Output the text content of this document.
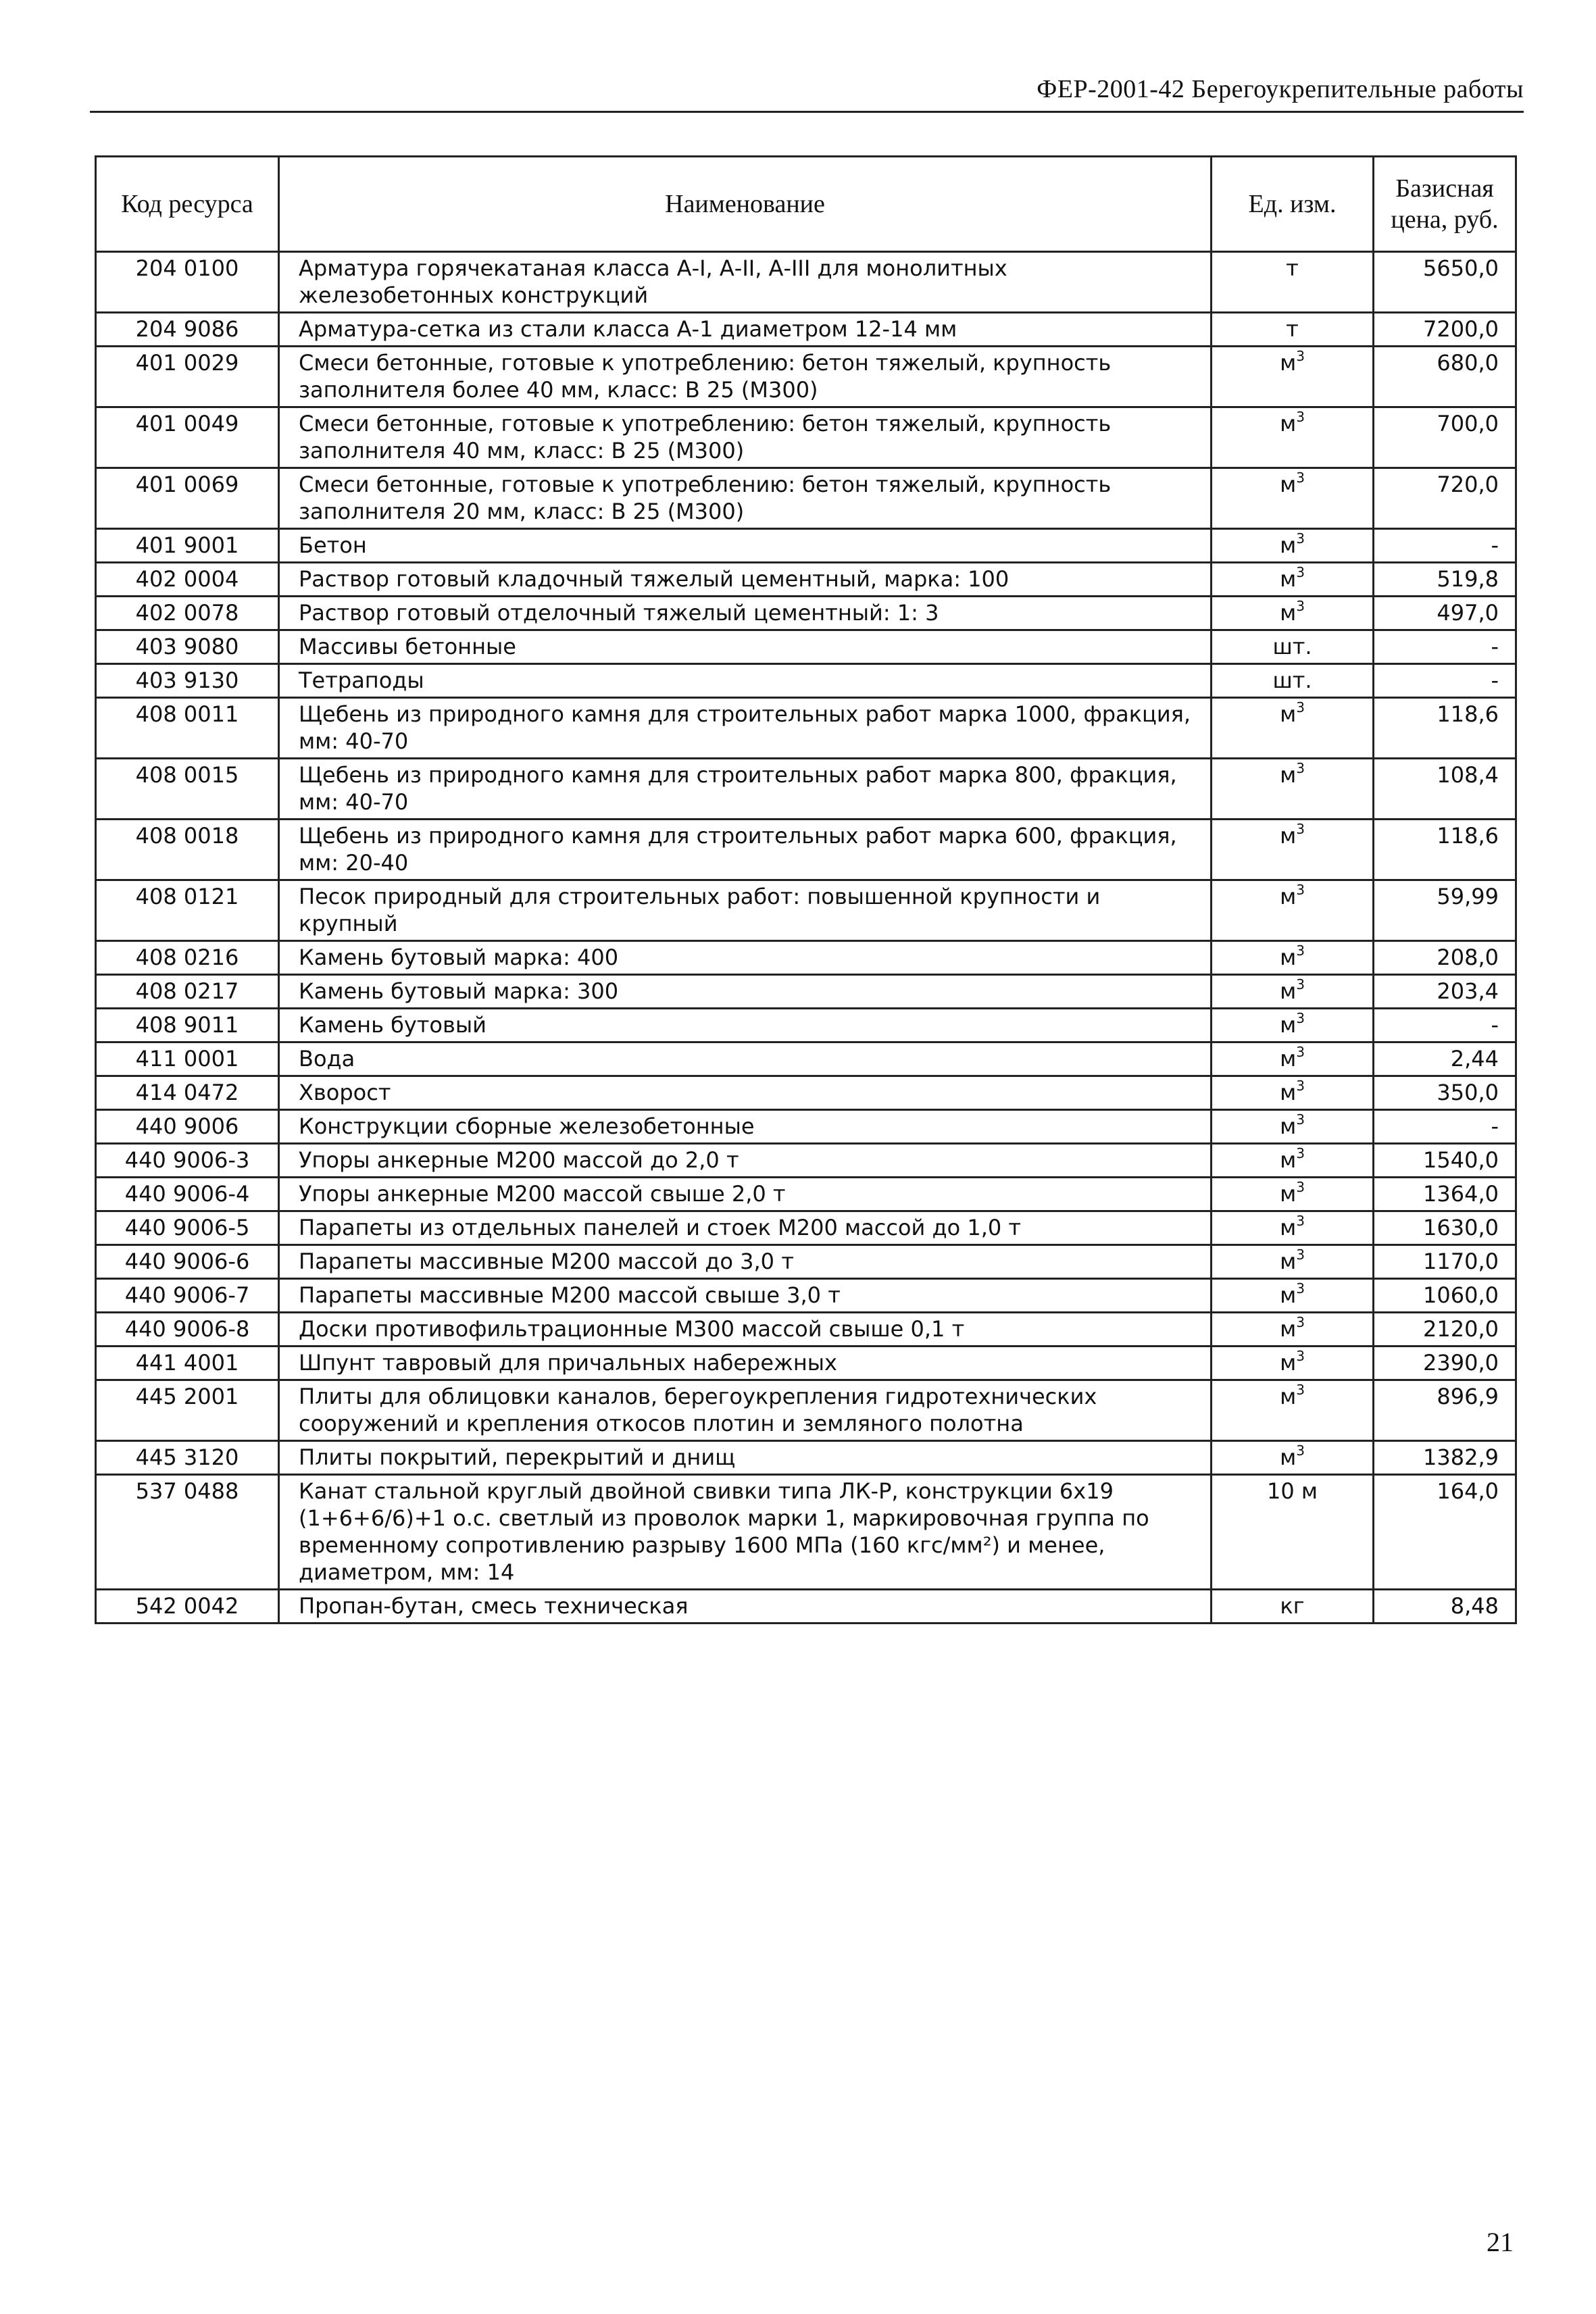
ФЕР-2001-42 Берегоукрепительные работы
Код ресурса	Наименование	Ед. изм.	Базисная цена, руб.
204 0100	Арматура горячекатаная класса А-I, А-II, А-III для монолитных железобетонных конструкций	т	5650,0
204 9086	Арматура-сетка из стали класса А-1 диаметром 12-14 мм	т	7200,0
401 0029	Смеси бетонные, готовые к употреблению: бетон тяжелый, крупность заполнителя более 40 мм, класс: В 25 (М300)	$м^3$	680,0
401 0049	Смеси бетонные, готовые к употреблению: бетон тяжелый, крупность заполнителя 40 мм, класс: В 25 (М300)	$м^3$	700,0
401 0069	Смеси бетонные, готовые к употреблению: бетон тяжелый, крупность заполнителя 20 мм, класс: В 25 (М300)	$м^3$	720,0
401 9001	Бетон	$м^3$	-
402 0004	Раствор готовый кладочный тяжелый цементный, марка: 100	$м^3$	519,8
402 0078	Раствор готовый отделочный тяжелый цементный: 1: 3	$м^3$	497,0
403 9080	Массивы бетонные	шт.	-
403 9130	Тетраподы	шт.	-
408 0011	Щебень из природного камня для строительных работ марка 1000, фракция, мм: 40-70	$м^3$	118,6
408 0015	Щебень из природного камня для строительных работ марка 800, фракция, мм: 40-70	$м^3$	108,4
408 0018	Щебень из природного камня для строительных работ марка 600, фракция, мм: 20-40	$м^3$	118,6
408 0121	Песок природный для строительных работ: повышенной крупности и крупный	$м^3$	59,99
408 0216	Камень бутовый марка: 400	$м^3$	208,0
408 0217	Камень бутовый марка: 300	$м^3$	203,4
408 9011	Камень бутовый	$м^3$	-
411 0001	Вода	$м^3$	2,44
414 0472	Хворост	$м^3$	350,0
440 9006	Конструкции сборные железобетонные	$м^3$	-
440 9006-3	Упоры анкерные М200 массой до 2,0 т	$м^3$	1540,0
440 9006-4	Упоры анкерные М200 массой свыше 2,0 т	$м^3$	1364,0
440 9006-5	Парапеты из отдельных панелей и стоек М200 массой до 1,0 т	$м^3$	1630,0
440 9006-6	Парапеты массивные М200 массой до 3,0 т	$м^3$	1170,0
440 9006-7	Парапеты массивные М200 массой свыше 3,0 т	$м^3$	1060,0
440 9006-8	Доски противофильтрационные М300 массой свыше 0,1 т	$м^3$	2120,0
441 4001	Шпунт тавровый для причальных набережных	$м^3$	2390,0
445 2001	Плиты для облицовки каналов, берегоукрепления гидротехнических сооружений и крепления откосов плотин и земляного полотна	$м^3$	896,9
445 3120	Плиты покрытий, перекрытий и днищ	$м^3$	1382,9
537 0488	Канат стальной круглый двойной свивки типа ЛК-Р, конструкции 6х19 (1+6+6/6)+1 о.с. светлый из проволок марки 1, маркировочная группа по временному сопротивлению разрыву 1600 МПа (160 кгс/мм²) и менее, диаметром, мм: 14	10 м	164,0
542 0042	Пропан-бутан, смесь техническая	кг	8,48
21
